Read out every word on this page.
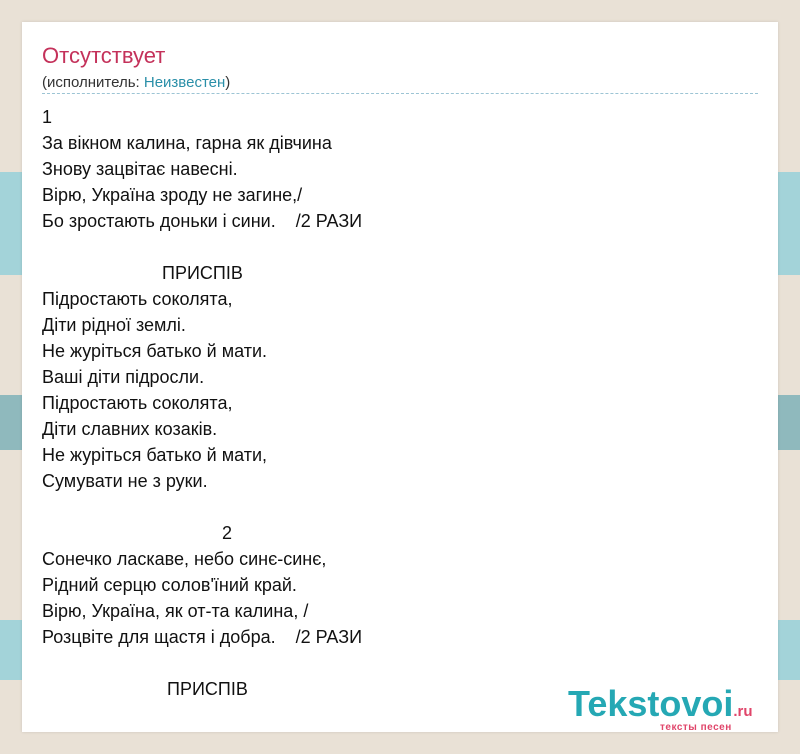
Отсутствует
(исполнитель: Неизвестен)
1
За вікном калина, гарна як дівчина
Знову зацвітає навесні.
Вірю, Україна зроду не загине,/
Бо зростають доньки і сини.    /2 РАЗИ
ПРИСПІВ
Підростають соколята,
Діти рідної землі.
Не журіться батько й мати.
Ваші діти підросли.
Підростають соколята,
Діти славних козаків.
Не журіться батько й мати,
Сумувати не з руки.
2
Сонечко ласкаве, небо синє-синє,
Рідний серцю солов'їний край.
Вірю, Україна, як от-та калина, /
Розцвіте для щастя і добра.    /2 РАЗИ
ПРИСПІВ	Tekstovoi.ru
тексты песен
